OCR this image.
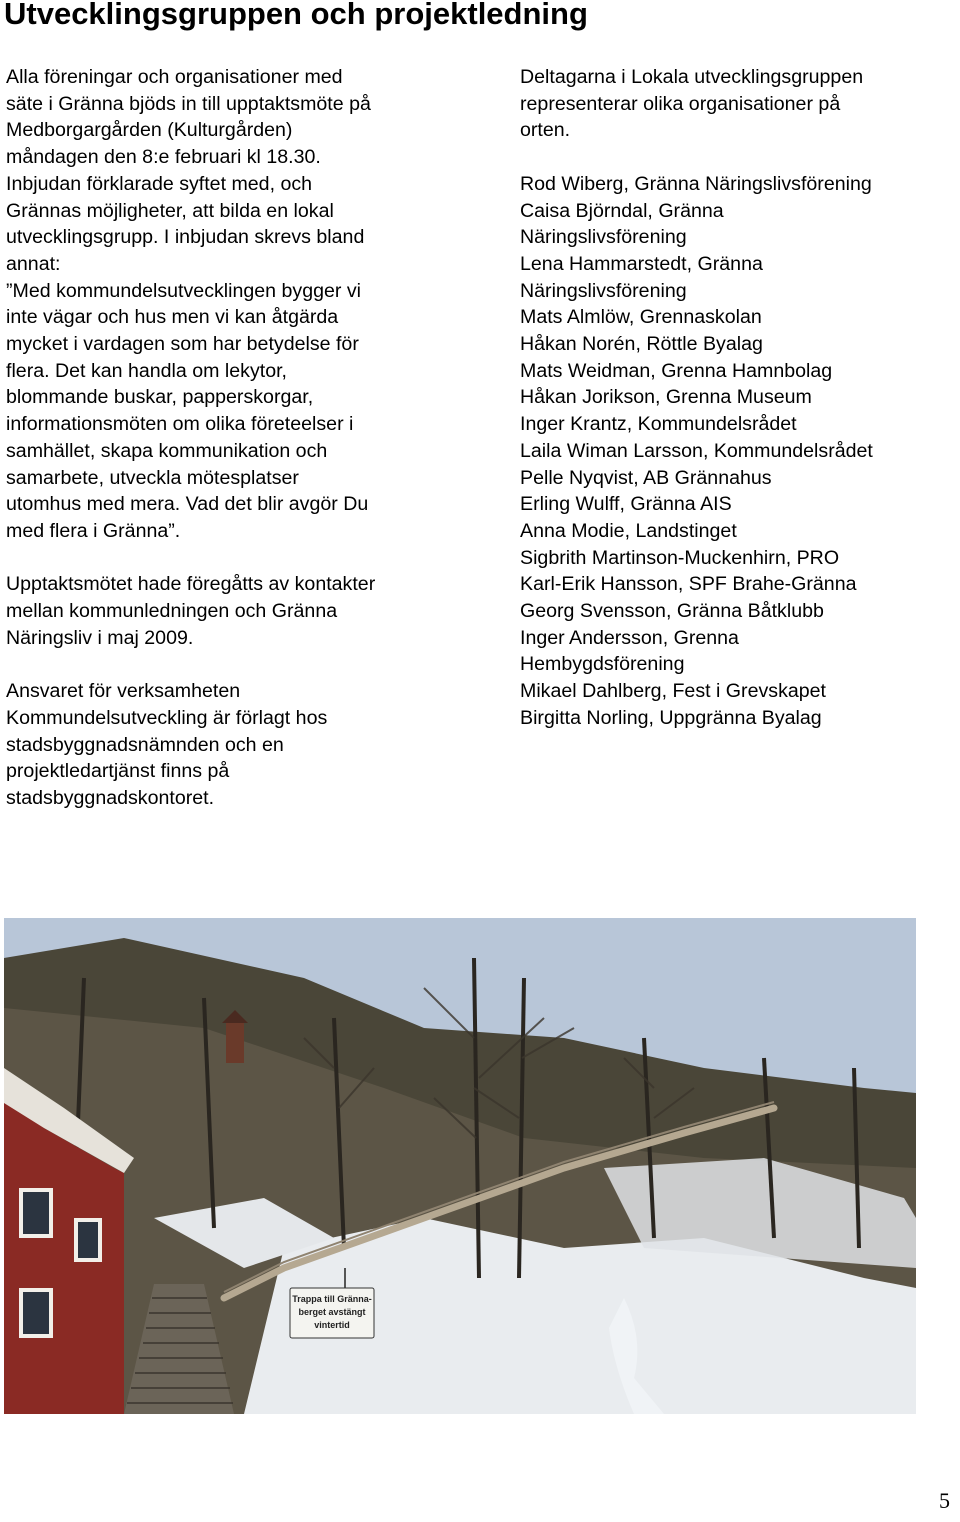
Utvecklingsgruppen och projektledning

Alla föreningar och organisationer med
säte i Gränna bjöds in till upptaktsmöte på
Medborgargården (Kulturgården)
måndagen den 8:e februari kl 18.30.
Inbjudan förklarade syftet med, och
Grännas möjligheter, att bilda en lokal
utvecklingsgrupp. I inbjudan skrevs bland
annat:
”Med kommundelsutvecklingen bygger vi
inte vägar och hus men vi kan åtgärda
mycket i vardagen som har betydelse för
flera. Det kan handla om lekytor,
blommande buskar, papperskorgar,
informationsmöten om olika företeelser i
samhället, skapa kommunikation och
samarbete, utveckla mötesplatser
utomhus med mera. Vad det blir avgör Du
med flera i Gränna”.

Upptaktsmötet hade föregåtts av kontakter
mellan kommunledningen och Gränna
Näringsliv i maj 2009.

Ansvaret för verksamheten
Kommundelsutveckling är förlagt hos
stadsbyggnadsnämnden och en
projektledartjänst finns på
stadsbyggnadskontoret.

Deltagarna i Lokala utvecklingsgruppen
representerar olika organisationer på
orten.

Rod Wiberg, Gränna Näringslivsförening
Caisa Björndal, Gränna
Näringslivsförening
Lena Hammarstedt, Gränna
Näringslivsförening
Mats Almlöw, Grennaskolan
Håkan Norén, Röttle Byalag
Mats Weidman, Grenna Hamnbolag
Håkan Jorikson, Grenna Museum
Inger Krantz, Kommundelsrådet
Laila Wiman Larsson, Kommundelsrådet
Pelle Nyqvist, AB Grännahus
Erling Wulff, Gränna AIS
Anna Modie, Landstinget
Sigbrith Martinson-Muckenhirn, PRO
Karl-Erik Hansson, SPF Brahe-Gränna
Georg Svensson, Gränna Båtklubb
Inger Andersson, Grenna
Hembygdsförening
Mikael Dahlberg, Fest i Grevskapet
Birgitta Norling, Uppgränna Byalag

Trappa till Gränna-
berget avstängt
vintertid
5
